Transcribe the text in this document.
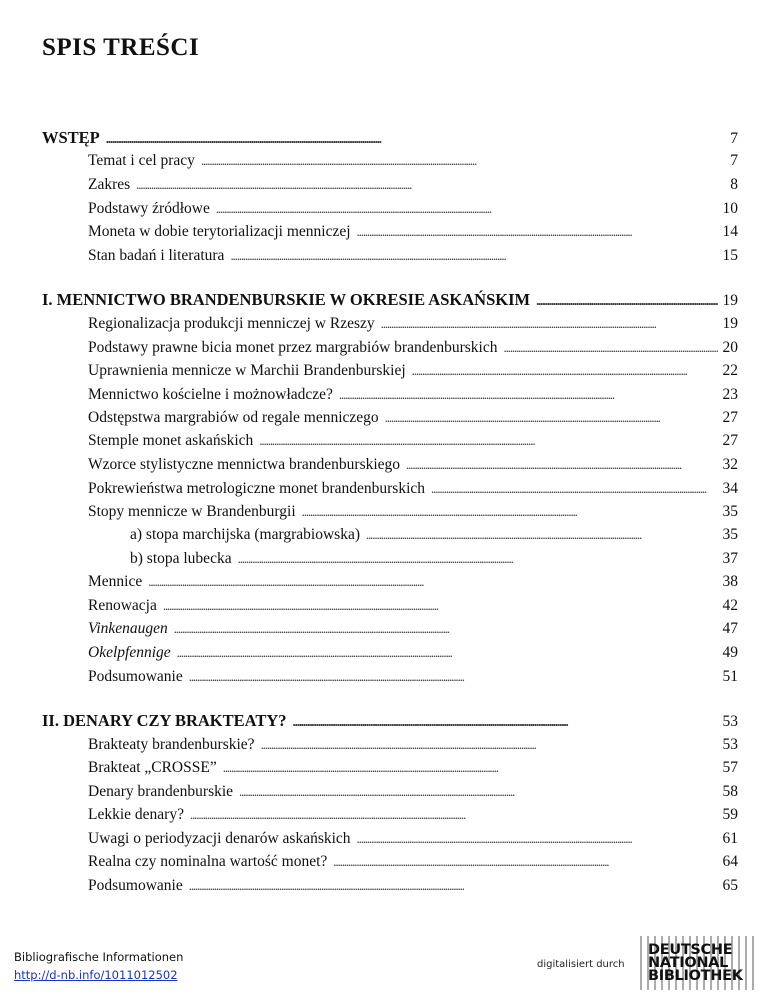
SPIS TREŚCI
WSTĘP . . .	7
Temat i cel pracy . . .	7
Zakres . . .	8
Podstawy źródłowe . . .	10
Moneta w dobie terytorializacji menniczej . . .	14
Stan badań i literatura . . .	15
I. MENNICTWO BRANDENBURSKIE W OKRESIE ASKAŃSKIM . . .	19
Regionalizacja produkcji menniczej w Rzeszy . . .	19
Podstawy prawne bicia monet przez margrabiów brandenburskich . . .	20
Uprawnienia mennicze w Marchii Brandenburskiej . . .	22
Mennictwo kościelne i możnowładcze? . . .	23
Odstępstwa margrabiów od regale menniczego . . .	27
Stemple monet askańskich . . .	27
Wzorce stylistyczne mennictwa brandenburskiego . . .	32
Pokrewieństwa metrologiczne monet brandenburskich . . .	34
Stopy mennicze w Brandenburgii . . .	35
a) stopa marchijska (margrabiowska) . . .	35
b) stopa lubecka . . .	37
Mennice . . .	38
Renowacja . . .	42
Vinkenaugen . . .	47
Okelpfennige . . .	49
Podsumowanie . . .	51
II. DENARY CZY BRAKTEATY? . . .	53
Brakteaty brandenburskie? . . .	53
Brakteat „CROSSE” . . .	57
Denary brandenburskie . . .	58
Lekkie denary? . . .	59
Uwagi o periodyzacji denarów askańskich . . .	61
Realna czy nominalna wartość monet? . . .	64
Podsumowanie . . .	65
Bibliografische Informationen
http://d-nb.info/1011012502
digitalisiert durch
DEUTSCHE
NATIONAL
BIBLIOTHEK
